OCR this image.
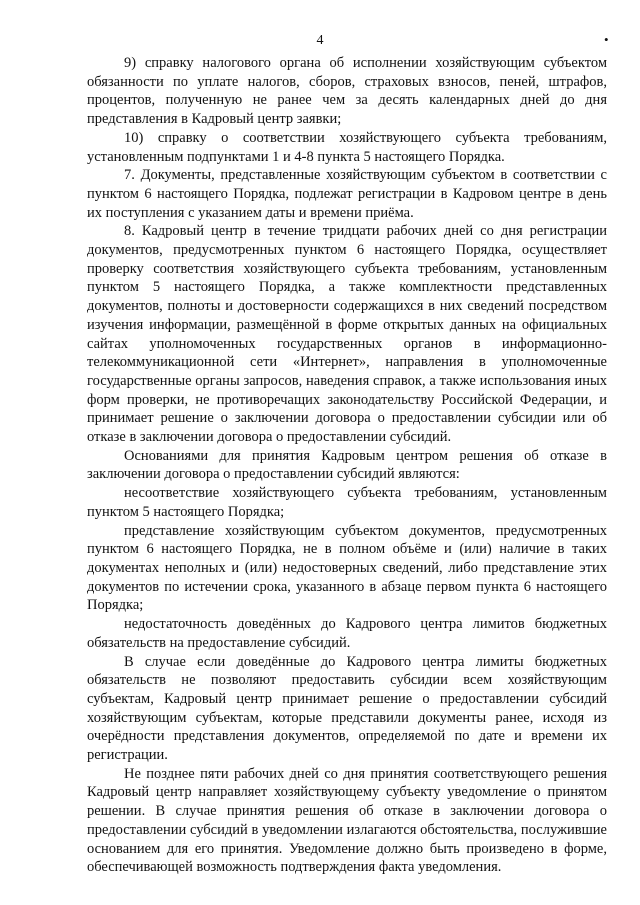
4	•

9) справку налогового органа об исполнении хозяйствующим субъектом обязанности по уплате налогов, сборов, страховых взносов, пеней, штрафов, процентов, полученную не ранее чем за десять календарных дней до дня представления в Кадровый центр заявки;

10) справку о соответствии хозяйствующего субъекта требованиям, установленным подпунктами 1 и 4-8 пункта 5 настоящего Порядка.

7. Документы, представленные хозяйствующим субъектом в соответствии с пунктом 6 настоящего Порядка, подлежат регистрации в Кадровом центре в день их поступления с указанием даты и времени приёма.

8. Кадровый центр в течение тридцати рабочих дней со дня регистрации документов, предусмотренных пунктом 6 настоящего Порядка, осуществляет проверку соответствия хозяйствующего субъекта требованиям, установленным пунктом 5 настоящего Порядка, а также комплектности представленных документов, полноты и достоверности содержащихся в них сведений посредством изучения информации, размещённой в форме открытых данных на официальных сайтах уполномоченных государственных органов в информационно-телекоммуникационной сети «Интернет», направления в уполномоченные государственные органы запросов, наведения справок, а также использования иных форм проверки, не противоречащих законодательству Российской Федерации, и принимает решение о заключении договора о предоставлении субсидии или об отказе в заключении договора о предоставлении субсидий.

Основаниями для принятия Кадровым центром решения об отказе в заключении договора о предоставлении субсидий являются:

несоответствие хозяйствующего субъекта требованиям, установленным пунктом 5 настоящего Порядка;

представление хозяйствующим субъектом документов, предусмотренных пунктом 6 настоящего Порядка, не в полном объёме и (или) наличие в таких документах неполных и (или) недостоверных сведений, либо представление этих документов по истечении срока, указанного в абзаце первом пункта 6 настоящего Порядка;

недостаточность доведённых до Кадрового центра лимитов бюджетных обязательств на предоставление субсидий.

В случае если доведённые до Кадрового центра лимиты бюджетных обязательств не позволяют предоставить субсидии всем хозяйствующим субъектам, Кадровый центр принимает решение о предоставлении субсидий хозяйствующим субъектам, которые представили документы ранее, исходя из очерёдности представления документов, определяемой по дате и времени их регистрации.

Не позднее пяти рабочих дней со дня принятия соответствующего решения Кадровый центр направляет хозяйствующему субъекту уведомление о принятом решении. В случае принятия решения об отказе в заключении договора о предоставлении субсидий в уведомлении излагаются обстоятельства, послужившие основанием для его принятия. Уведомление должно быть произведено в форме, обеспечивающей возможность подтверждения факта уведомления.
